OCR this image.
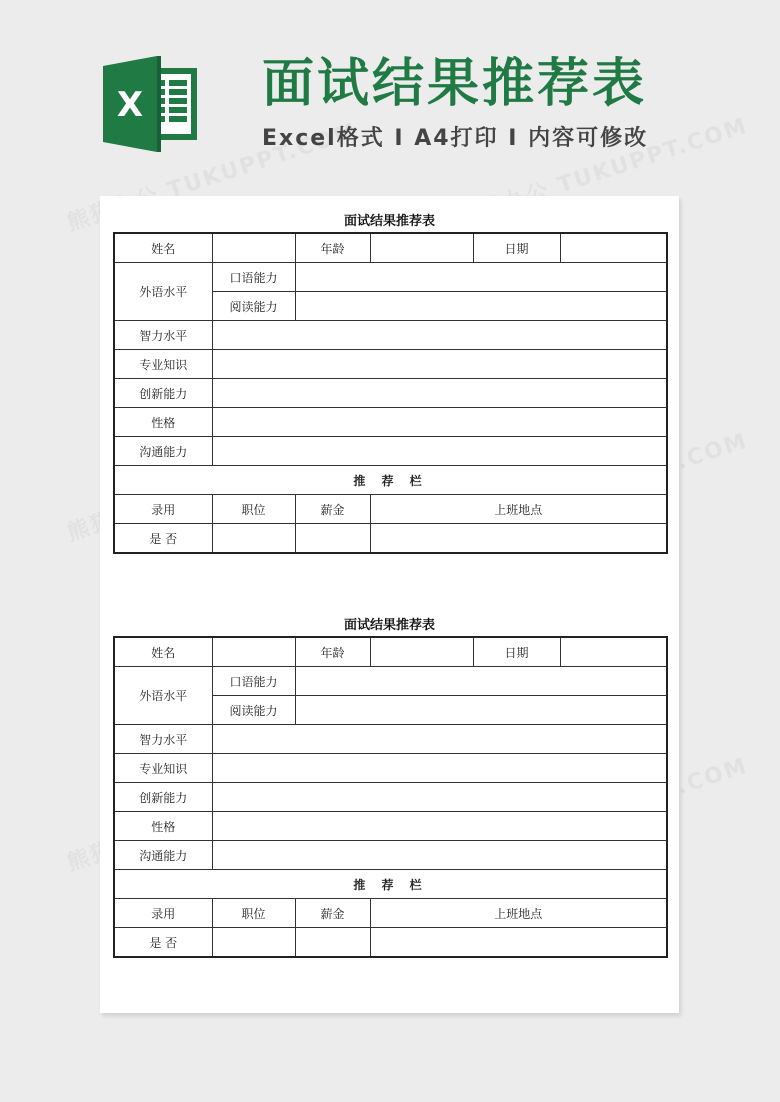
X 面试结果推荐表
Excel格式 I A4打印 I 内容可修改
面试结果推荐表
姓名		年龄		日期	
外语水平	口语能力				
	阅读能力				
智力水平					
专业知识					
创新能力					
性格					
沟通能力					
推 荐 栏					
录用	职位	薪金	上班地点		
是 否					
面试结果推荐表
姓名		年龄		日期	
外语水平	口语能力				
	阅读能力				
智力水平					
专业知识					
创新能力					
性格					
沟通能力					
推 荐 栏					
录用	职位	薪金	上班地点		
是 否					
